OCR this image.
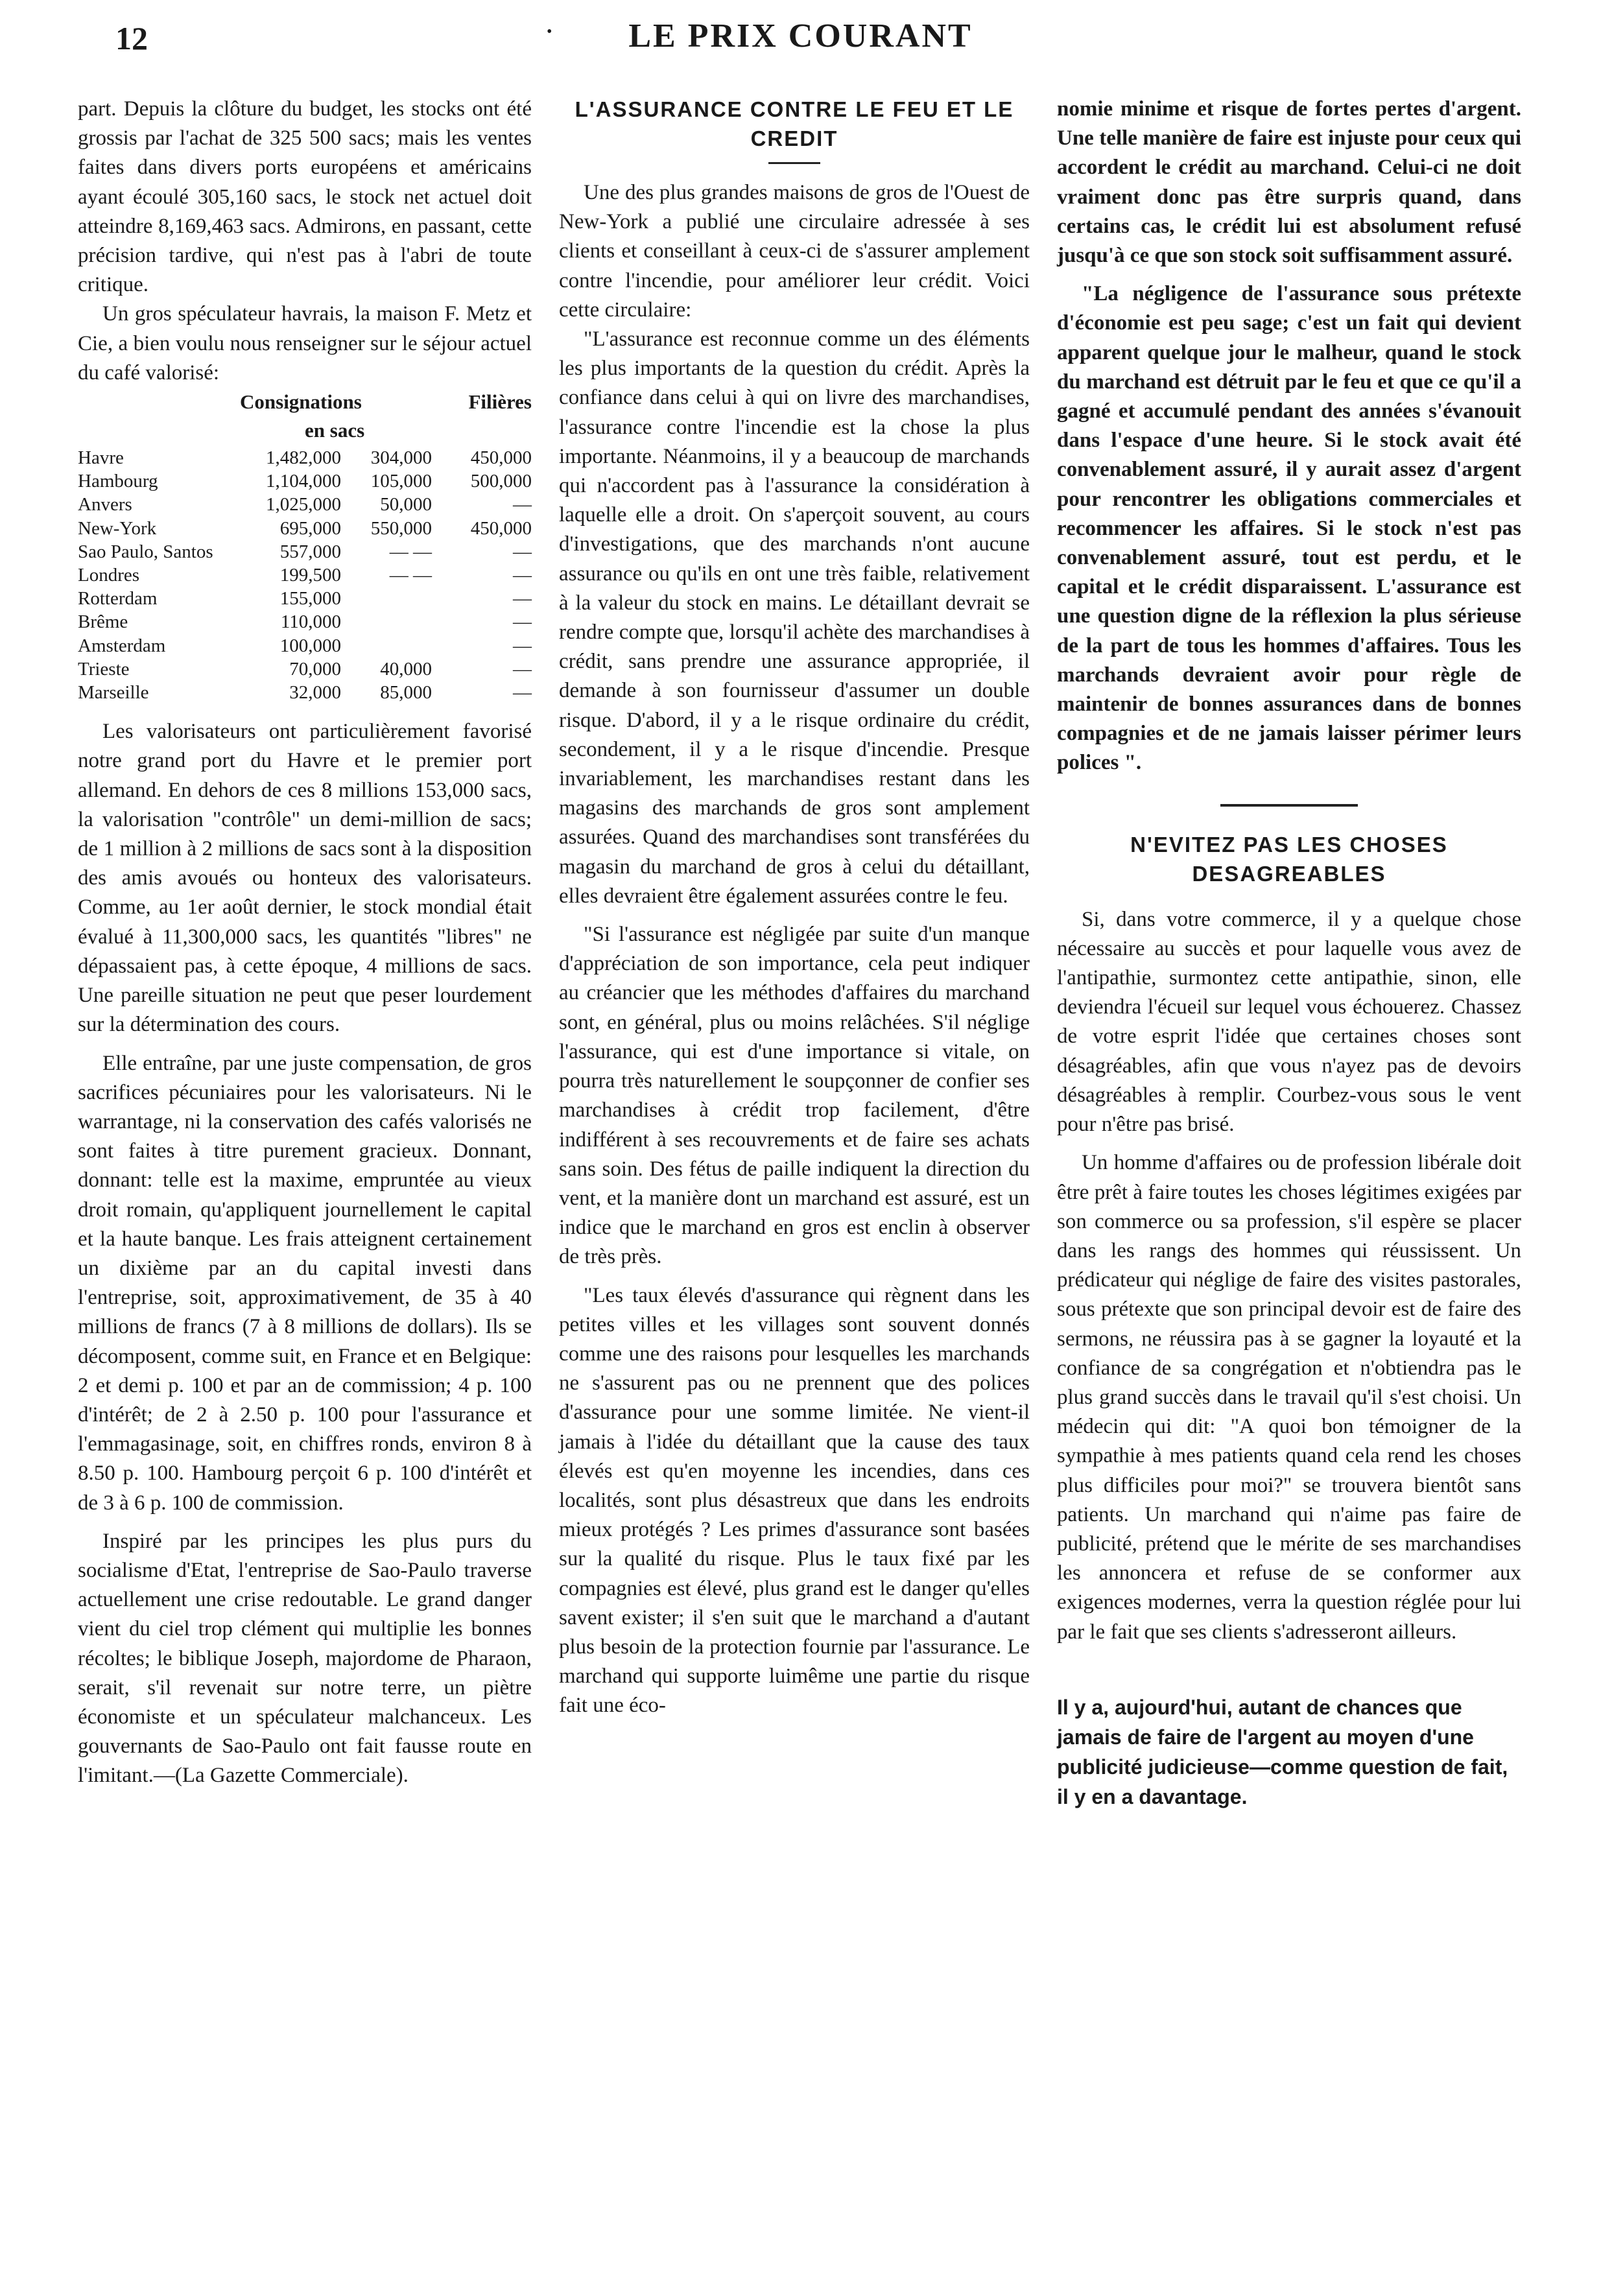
12	•	LE PRIX COURANT

part. Depuis la clôture du budget, les stocks ont été grossis par l'achat de 325 500 sacs; mais les ventes faites dans divers ports européens et américains ayant écoulé 305,160 sacs, le stock net actuel doit atteindre 8,169,463 sacs. Admirons, en passant, cette précision tardive, qui n'est pas à l'abri de toute critique.

Un gros spéculateur havrais, la maison F. Metz et Cie, a bien voulu nous renseigner sur le séjour actuel du café valorisé:

Consignations
en sacs
Filières
Havre	1,482,000	304,000	450,000
Hambourg	1,104,000	105,000	500,000
Anvers	1,025,000	50,000	—
New-York	695,000	550,000	450,000
Sao Paulo, Santos	557,000	— —	—
Londres	199,500	— —	—
Rotterdam	155,000		—
Brême	110,000		—
Amsterdam	100,000		—
Trieste	70,000	40,000	—
Marseille	32,000	85,000	—

Les valorisateurs ont particulièrement favorisé notre grand port du Havre et le premier port allemand. En dehors de ces 8 millions 153,000 sacs, la valorisation "contrôle" un demi-million de sacs; de 1 million à 2 millions de sacs sont à la disposition des amis avoués ou honteux des valorisateurs. Comme, au 1er août dernier, le stock mondial était évalué à 11,300,000 sacs, les quantités "libres" ne dépassaient pas, à cette époque, 4 millions de sacs. Une pareille situation ne peut que peser lourdement sur la détermination des cours.

Elle entraîne, par une juste compensation, de gros sacrifices pécuniaires pour les valorisateurs. Ni le warrantage, ni la conservation des cafés valorisés ne sont faites à titre purement gracieux. Donnant, donnant: telle est la maxime, empruntée au vieux droit romain, qu'appliquent journellement le capital et la haute banque. Les frais atteignent certainement un dixième par an du capital investi dans l'entreprise, soit, approximativement, de 35 à 40 millions de francs (7 à 8 millions de dollars). Ils se décomposent, comme suit, en France et en Belgique: 2 et demi p. 100 et par an de commission; 4 p. 100 d'intérêt; de 2 à 2.50 p. 100 pour l'assurance et l'emmagasinage, soit, en chiffres ronds, environ 8 à 8.50 p. 100. Hambourg perçoit 6 p. 100 d'intérêt et de 3 à 6 p. 100 de commission.

Inspiré par les principes les plus purs du socialisme d'Etat, l'entreprise de Sao-Paulo traverse actuellement une crise redoutable. Le grand danger vient du ciel trop clément qui multiplie les bonnes récoltes; le biblique Joseph, majordome de Pharaon, serait, s'il revenait sur notre terre, un piètre économiste et un spéculateur malchanceux. Les gouvernants de Sao-Paulo ont fait fausse route en l'imitant.—(La Gazette Commerciale).

L'ASSURANCE CONTRE LE FEU ET LE CREDIT

Une des plus grandes maisons de gros de l'Ouest de New-York a publié une circulaire adressée à ses clients et conseillant à ceux-ci de s'assurer amplement contre l'incendie, pour améliorer leur crédit. Voici cette circulaire:

"L'assurance est reconnue comme un des éléments les plus importants de la question du crédit. Après la confiance dans celui à qui on livre des marchandises, l'assurance contre l'incendie est la chose la plus importante. Néanmoins, il y a beaucoup de marchands qui n'accordent pas à l'assurance la considération à laquelle elle a droit. On s'aperçoit souvent, au cours d'investigations, que des marchands n'ont aucune assurance ou qu'ils en ont une très faible, relativement à la valeur du stock en mains. Le détaillant devrait se rendre compte que, lorsqu'il achète des marchandises à crédit, sans prendre une assurance appropriée, il demande à son fournisseur d'assumer un double risque. D'abord, il y a le risque ordinaire du crédit, secondement, il y a le risque d'incendie. Presque invariablement, les marchandises restant dans les magasins des marchands de gros sont amplement assurées. Quand des marchandises sont transférées du magasin du marchand de gros à celui du détaillant, elles devraient être également assurées contre le feu.

"Si l'assurance est négligée par suite d'un manque d'appréciation de son importance, cela peut indiquer au créancier que les méthodes d'affaires du marchand sont, en général, plus ou moins relâchées. S'il néglige l'assurance, qui est d'une importance si vitale, on pourra très naturellement le soupçonner de confier ses marchandises à crédit trop facilement, d'être indifférent à ses recouvrements et de faire ses achats sans soin. Des fétus de paille indiquent la direction du vent, et la manière dont un marchand est assuré, est un indice que le marchand en gros est enclin à observer de très près.

"Les taux élevés d'assurance qui règnent dans les petites villes et les villages sont souvent donnés comme une des raisons pour lesquelles les marchands ne s'assurent pas ou ne prennent que des polices d'assurance pour une somme limitée. Ne vient-il jamais à l'idée du détaillant que la cause des taux élevés est qu'en moyenne les incendies, dans ces localités, sont plus désastreux que dans les endroits mieux protégés ? Les primes d'assurance sont basées sur la qualité du risque. Plus le taux fixé par les compagnies est élevé, plus grand est le danger qu'elles savent exister; il s'en suit que le marchand a d'autant plus besoin de la protection fournie par l'assurance. Le marchand qui supporte luimême une partie du risque fait une éco-

nomie minime et risque de fortes pertes d'argent. Une telle manière de faire est injuste pour ceux qui accordent le crédit au marchand. Celui-ci ne doit vraiment donc pas être surpris quand, dans certains cas, le crédit lui est absolument refusé jusqu'à ce que son stock soit suffisamment assuré.

"La négligence de l'assurance sous prétexte d'économie est peu sage; c'est un fait qui devient apparent quelque jour le malheur, quand le stock du marchand est détruit par le feu et que ce qu'il a gagné et accumulé pendant des années s'évanouit dans l'espace d'une heure. Si le stock avait été convenablement assuré, il y aurait assez d'argent pour rencontrer les obligations commerciales et recommencer les affaires. Si le stock n'est pas convenablement assuré, tout est perdu, et le capital et le crédit disparaissent. L'assurance est une question digne de la réflexion la plus sérieuse de la part de tous les hommes d'affaires. Tous les marchands devraient avoir pour règle de maintenir de bonnes assurances dans de bonnes compagnies et de ne jamais laisser périmer leurs polices ".

N'EVITEZ PAS LES CHOSES DESAGREABLES

Si, dans votre commerce, il y a quelque chose nécessaire au succès et pour laquelle vous avez de l'antipathie, surmontez cette antipathie, sinon, elle deviendra l'écueil sur lequel vous échouerez. Chassez de votre esprit l'idée que certaines choses sont désagréables, afin que vous n'ayez pas de devoirs désagréables à remplir. Courbez-vous sous le vent pour n'être pas brisé.

Un homme d'affaires ou de profession libérale doit être prêt à faire toutes les choses légitimes exigées par son commerce ou sa profession, s'il espère se placer dans les rangs des hommes qui réussissent. Un prédicateur qui néglige de faire des visites pastorales, sous prétexte que son principal devoir est de faire des sermons, ne réussira pas à se gagner la loyauté et la confiance de sa congrégation et n'obtiendra pas le plus grand succès dans le travail qu'il s'est choisi. Un médecin qui dit: "A quoi bon témoigner de la sympathie à mes patients quand cela rend les choses plus difficiles pour moi?" se trouvera bientôt sans patients. Un marchand qui n'aime pas faire de publicité, prétend que le mérite de ses marchandises les annoncera et refuse de se conformer aux exigences modernes, verra la question réglée pour lui par le fait que ses clients s'adresseront ailleurs.

Il y a, aujourd'hui, autant de chances que jamais de faire de l'argent au moyen d'une publicité judicieuse—comme question de fait, il y en a davantage.
